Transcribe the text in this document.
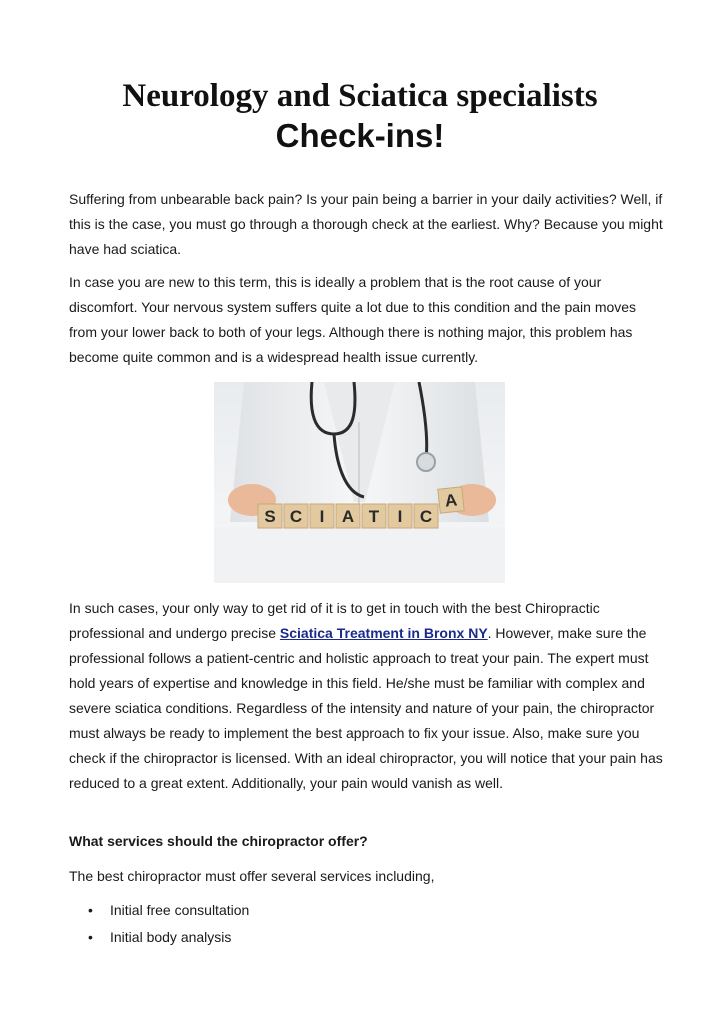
Neurology and Sciatica specialists
Check-ins!

Suffering from unbearable back pain? Is your pain being a barrier in your daily activities? Well, if this is the case, you must go through a thorough check at the earliest. Why? Because you might have had sciatica.

In case you are new to this term, this is ideally a problem that is the root cause of your discomfort. Your nervous system suffers quite a lot due to this condition and the pain moves from your lower back to both of your legs. Although there is nothing major, this problem has become quite common and is a widespread health issue currently.

S C I A T I C
A

In such cases, your only way to get rid of it is to get in touch with the best Chiropractic professional and undergo precise Sciatica Treatment in Bronx NY. However, make sure the professional follows a patient-centric and holistic approach to treat your pain. The expert must hold years of expertise and knowledge in this field. He/she must be familiar with complex and severe sciatica conditions. Regardless of the intensity and nature of your pain, the chiropractor must always be ready to implement the best approach to fix your issue. Also, make sure you check if the chiropractor is licensed. With an ideal chiropractor, you will notice that your pain has reduced to a great extent. Additionally, your pain would vanish as well.

What services should the chiropractor offer?

The best chiropractor must offer several services including,

• Initial free consultation
• Initial body analysis
